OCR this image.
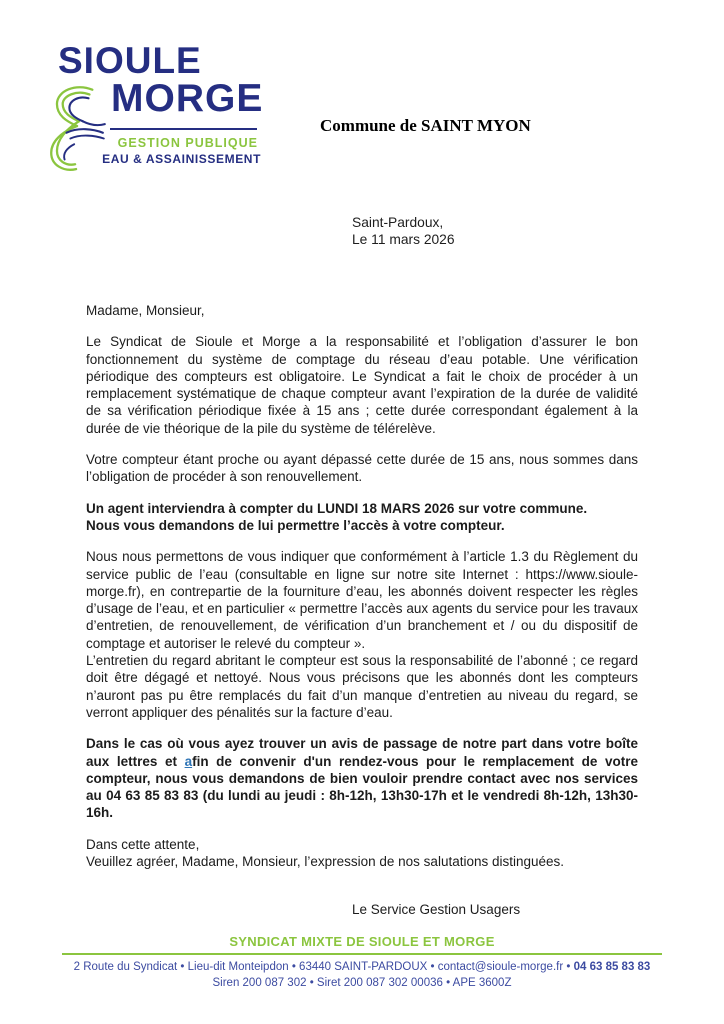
SIOULE
MORGE
GESTION PUBLIQUE
EAU & ASSAINISSEMENT
Commune de SAINT MYON
Saint-Pardoux,
Le 11 mars 2026

Madame, Monsieur,

Le Syndicat de Sioule et Morge a la responsabilité et l’obligation d’assurer le bon fonctionnement du système de comptage du réseau d’eau potable. Une vérification périodique des compteurs est obligatoire. Le Syndicat a fait le choix de procéder à un remplacement systématique de chaque compteur avant l’expiration de la durée de validité de sa vérification périodique fixée à 15 ans ; cette durée correspondant également à la durée de vie théorique de la pile du système de télérelève.

Votre compteur étant proche ou ayant dépassé cette durée de 15 ans, nous sommes dans l’obligation de procéder à son renouvellement.

Un agent interviendra à compter du LUNDI 18 MARS 2026 sur votre commune.
Nous vous demandons de lui permettre l’accès à votre compteur.

Nous nous permettons de vous indiquer que conformément à l’article 1.3 du Règlement du service public de l’eau (consultable en ligne sur notre site Internet : https://www.sioule-morge.fr), en contrepartie de la fourniture d’eau, les abonnés doivent respecter les règles d’usage de l’eau, et en particulier « permettre l’accès aux agents du service pour les travaux d’entretien, de renouvellement, de vérification d’un branchement et / ou du dispositif de comptage et autoriser le relevé du compteur ».

L’entretien du regard abritant le compteur est sous la responsabilité de l’abonné ; ce regard doit être dégagé et nettoyé. Nous vous précisons que les abonnés dont les compteurs n’auront pas pu être remplacés du fait d’un manque d’entretien au niveau du regard, se verront appliquer des pénalités sur la facture d’eau.

Dans le cas où vous ayez trouver un avis de passage de notre part dans votre boîte aux lettres et afin de convenir d'un rendez-vous pour le remplacement de votre compteur, nous vous demandons de bien vouloir prendre contact avec nos services au 04 63 85 83 83 (du lundi au jeudi : 8h-12h, 13h30-17h et le vendredi 8h-12h, 13h30-16h.

Dans cette attente,

Veuillez agréer, Madame, Monsieur, l’expression de nos salutations distinguées.

Le Service Gestion Usagers

SYNDICAT MIXTE DE SIOULE ET MORGE
2 Route du Syndicat • Lieu-dit Monteipdon • 63440 SAINT-PARDOUX • contact@sioule-morge.fr • 04 63 85 83 83
Siren 200 087 302 • Siret 200 087 302 00036 • APE 3600Z
